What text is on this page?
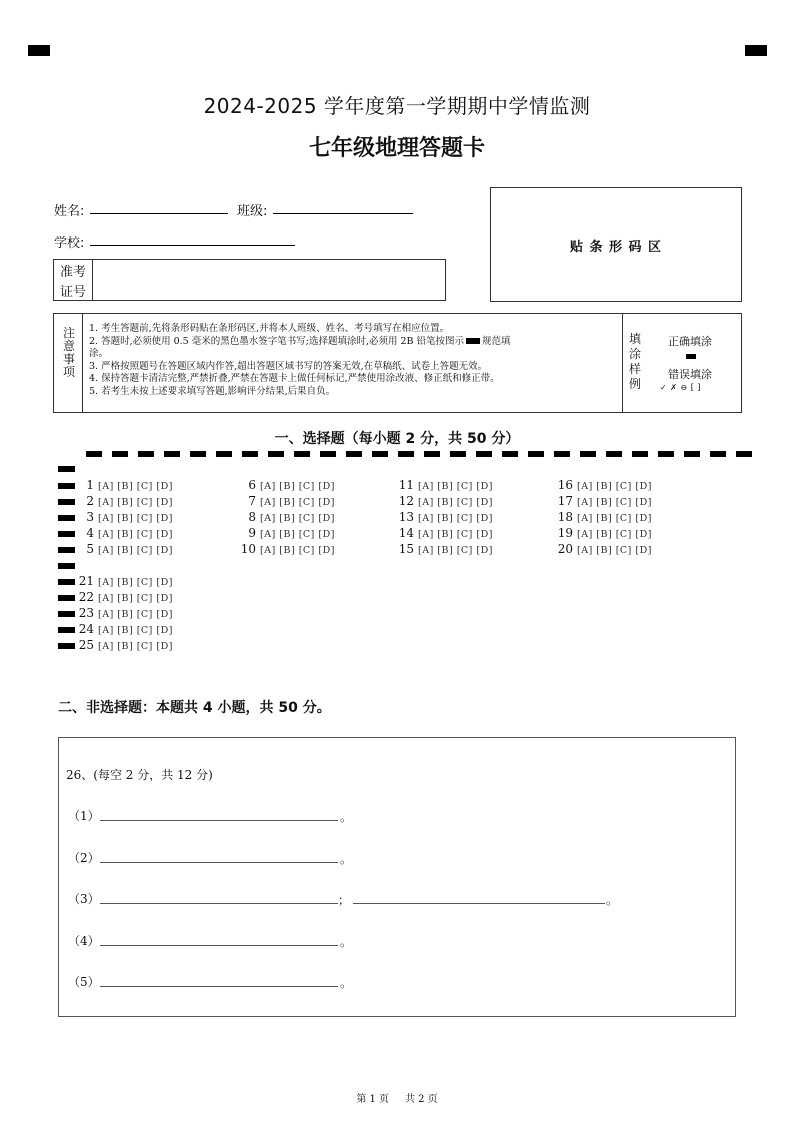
2024-2025 学年度第一学期期中学情监测
七年级地理答题卡
姓名:	班级:
学校:
准考
证号
贴 条 形 码 区
注
意
事
项
1. 考生答题前,先将条形码贴在条形码区,并将本人班级、姓名、考号填写在相应位置。
2. 答题时,必须使用 0.5 毫米的黑色墨水签字笔书写;选择题填涂时,必须用 2B 铅笔按图示 规范填
涂。
3. 严格按照题号在答题区域内作答,超出答题区域书写的答案无效,在草稿纸、试卷上答题无效。
4. 保持答题卡清洁完整,严禁折叠,严禁在答题卡上做任何标记,严禁使用涂改液、修正纸和修正带。
5. 若考生未按上述要求填写答题,影响评分结果,后果自负。
填
涂
样
例
正确填涂
错误填涂
✓ ✗ ⊖ [ ]
一、选择题（每小题 2 分，共 50 分）
1 [A] [B] [C] [D]
2 [A] [B] [C] [D]
3 [A] [B] [C] [D]
4 [A] [B] [C] [D]
5 [A] [B] [C] [D]
6 [A] [B] [C] [D]
7 [A] [B] [C] [D]
8 [A] [B] [C] [D]
9 [A] [B] [C] [D]
10 [A] [B] [C] [D]
11 [A] [B] [C] [D]
12 [A] [B] [C] [D]
13 [A] [B] [C] [D]
14 [A] [B] [C] [D]
15 [A] [B] [C] [D]
16 [A] [B] [C] [D]
17 [A] [B] [C] [D]
18 [A] [B] [C] [D]
19 [A] [B] [C] [D]
20 [A] [B] [C] [D]
21 [A] [B] [C] [D]
22 [A] [B] [C] [D]
23 [A] [B] [C] [D]
24 [A] [B] [C] [D]
25 [A] [B] [C] [D]
二、非选择题：本题共 4 小题，共 50 分。
26、(每空 2 分，共 12 分)
（1）	。
（2）	。
（3）	；	。
（4）	。
（5）	。
第 1 页 共 2 页
